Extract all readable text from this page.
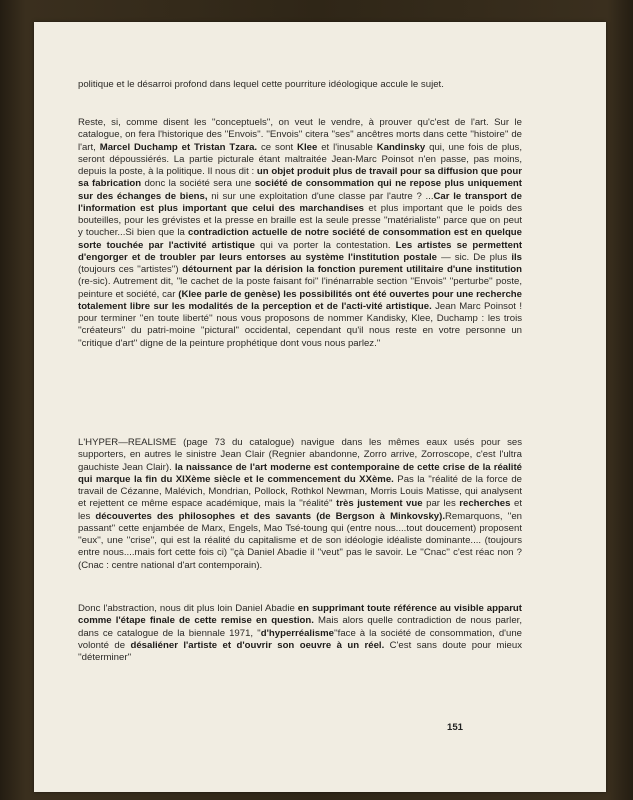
politique et le désarroi profond dans lequel cette pourriture idéologique accule le sujet.

Reste, si, comme disent les ''conceptuels'', on veut le vendre, à prouver qu'c'est de l'art. Sur le catalogue, on fera l'historique des ''Envois''. ''Envois'' citera ''ses'' ancêtres morts dans cette ''histoire'' de l'art, Marcel Duchamp et Tristan Tzara. ce sont Klee et l'inusable Kandinsky qui, une fois de plus, seront dépoussiérés. La partie picturale étant maltraitée Jean-Marc Poinsot n'en passe, pas moins, depuis la poste, à la politique. Il nous dit : un objet produit plus de travail pour sa diffusion que pour sa fabrication donc la société sera une société de consommation qui ne repose plus uniquement sur des échanges de biens, ni sur une exploitation d'une classe par l'autre ? ...Car le transport de l'information est plus important que celui des marchandises et plus important que le poids des bouteilles, pour les grévistes et la presse en braille est la seule presse ''matérialiste'' parce que on peut y toucher...Si bien que la contradiction actuelle de notre société de consommation est en quelque sorte touchée par l'activité artistique qui va porter la contestation. Les artistes se permettent d'engorger et de troubler par leurs entorses au système l'institution postale — sic. De plus ils (toujours ces ''artistes'') détournent par la dérision la fonction purement utilitaire d'une institution (re-sic). Autrement dit, ''le cachet de la poste faisant foi'' l'inénarrable section ''Envois'' ''perturbe'' poste, peinture et société, car (Klee parle de genèse) les possibilités ont été ouvertes pour une recherche totalement libre sur les modalités de la perception et de l'acti-vité artistique. Jean Marc Poinsot ! pour terminer ''en toute liberté'' nous vous proposons de nommer Kandisky, Klee, Duchamp : les trois ''créateurs'' du patri-moine ''pictural'' occidental, cependant qu'il nous reste en votre personne un ''critique d'art'' digne de la peinture prophétique dont vous nous parlez.''

L'HYPER—REALISME (page 73 du catalogue) navigue dans les mêmes eaux usés pour ses supporters, en autres le sinistre Jean Clair (Regnier abandonne, Zorro arrive, Zorroscope, c'est l'ultra gauchiste Jean Clair). la naissance de l'art moderne est contemporaine de cette crise de la réalité qui marque la fin du XIXème siècle et le commencement du XXème. Pas la ''réalité de la force de travail de Cézanne, Malévich, Mondrian, Pollock, Rothkol Newman, Morris Louis Matisse, qui analysent et rejettent ce même espace académique, mais la ''réalité'' très justement vue par les recherches et les découvertes des philosophes et des savants (de Bergson à Minkovsky).Remarquons, ''en passant'' cette enjambée de Marx, Engels, Mao Tsé-toung qui (entre nous....tout doucement) proposent ''eux'', une ''crise'', qui est la réalité du capitalisme et de son idéologie idéaliste dominante.... (toujours entre nous....mais fort cette fois ci) ''çà Daniel Abadie il ''veut'' pas le savoir. Le ''Cnac'' c'est réac non ? (Cnac : centre national d'art contemporain).

Donc l'abstraction, nous dit plus loin Daniel Abadie en supprimant toute référence au visible apparut comme l'étape finale de cette remise en question. Mais alors quelle contradiction de nous parler, dans ce catalogue de la biennale 1971, ''d'hyperréalisme''face à la société de consommation, d'une volonté de désaliéner l'artiste et d'ouvrir son oeuvre à un réel. C'est sans doute pour mieux ''déterminer''

151
